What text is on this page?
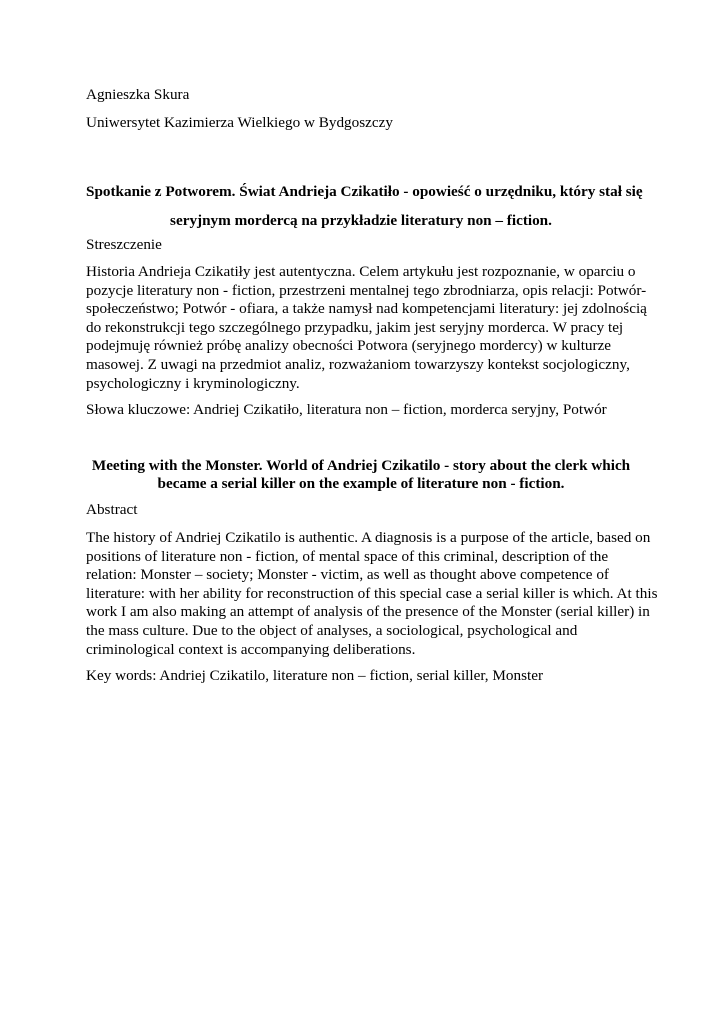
Agnieszka Skura
Uniwersytet Kazimierza Wielkiego w Bydgoszczy
Spotkanie z Potworem. Świat Andrieja Czikatiło - opowieść o urzędniku, który stał się
seryjnym mordercą na przykładzie literatury non – fiction.
Streszczenie
Historia Andrieja Czikatiły jest autentyczna. Celem artykułu jest rozpoznanie, w oparciu o
pozycje literatury non - fiction, przestrzeni mentalnej tego zbrodniarza, opis relacji: Potwór-
społeczeństwo; Potwór - ofiara, a także namysł nad kompetencjami literatury: jej zdolnością
do rekonstrukcji tego szczególnego przypadku, jakim jest seryjny morderca. W pracy tej
podejmuję również próbę analizy obecności Potwora (seryjnego mordercy) w kulturze
masowej. Z uwagi na przedmiot analiz, rozważaniom towarzyszy kontekst socjologiczny,
psychologiczny i kryminologiczny.
Słowa kluczowe: Andriej Czikatiło, literatura non – fiction, morderca seryjny, Potwór
Meeting with the Monster. World of Andriej Czikatilo - story about the clerk which
became a serial killer on the example of literature non - fiction.
Abstract
The history of Andriej Czikatilo is authentic. A diagnosis is a purpose of the article, based on
positions of literature non - fiction, of mental space of this criminal, description of the
relation: Monster – society; Monster - victim, as well as thought above competence of
literature: with her ability for reconstruction of this special case a serial killer is which. At this
work I am also making an attempt of analysis of the presence of the Monster (serial killer) in
the mass culture. Due to the object of analyses, a sociological, psychological and
criminological context is accompanying deliberations.
Key words: Andriej Czikatilo, literature non – fiction, serial killer, Monster
